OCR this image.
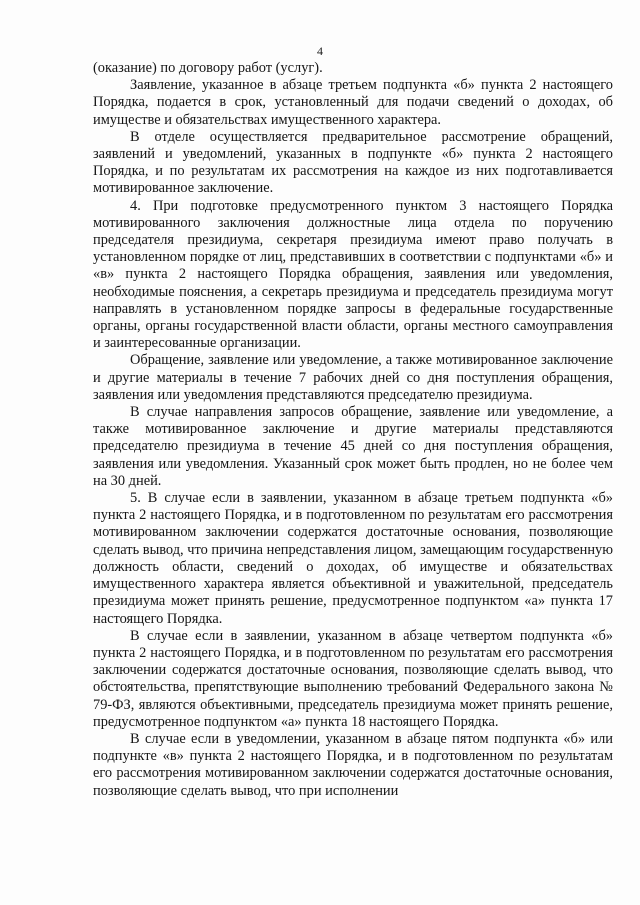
4

(оказание) по договору работ (услуг).

Заявление, указанное в абзаце третьем подпункта «б» пункта 2 настоящего Порядка, подается в срок, установленный для подачи сведений о доходах, об имуществе и обязательствах имущественного характера.

В отделе осуществляется предварительное рассмотрение обращений, заявлений и уведомлений, указанных в подпункте «б» пункта 2 настоящего Порядка, и по результатам их рассмотрения на каждое из них подготавливается мотивированное заключение.

4. При подготовке предусмотренного пунктом 3 настоящего Порядка мотивированного заключения должностные лица отдела по поручению председателя президиума, секретаря президиума имеют право получать в установленном порядке от лиц, представивших в соответствии с подпунктами «б» и «в» пункта 2 настоящего Порядка обращения, заявления или уведомления, необходимые пояснения, а секретарь президиума и председатель президиума могут направлять в установленном порядке запросы в федеральные государственные органы, органы государственной власти области, органы местного самоуправления и заинтересованные организации.

Обращение, заявление или уведомление, а также мотивированное заключение и другие материалы в течение 7 рабочих дней со дня поступления обращения, заявления или уведомления представляются председателю президиума.

В случае направления запросов обращение, заявление или уведомление, а также мотивированное заключение и другие материалы представляются председателю президиума в течение 45 дней со дня поступления обращения, заявления или уведомления. Указанный срок может быть продлен, но не более чем на 30 дней.

5. В случае если в заявлении, указанном в абзаце третьем подпункта «б» пункта 2 настоящего Порядка, и в подготовленном по результатам его рассмотрения мотивированном заключении содержатся достаточные основания, позволяющие сделать вывод, что причина непредставления лицом, замещающим государственную должность области, сведений о доходах, об имуществе и обязательствах имущественного характера является объективной и уважительной, председатель президиума может принять решение, предусмотренное подпунктом «а» пункта 17 настоящего Порядка.

В случае если в заявлении, указанном в абзаце четвертом подпункта «б» пункта 2 настоящего Порядка, и в подготовленном по результатам его рассмотрения заключении содержатся достаточные основания, позволяющие сделать вывод, что обстоятельства, препятствующие выполнению требований Федерального закона № 79-ФЗ, являются объективными, председатель президиума может принять решение, предусмотренное подпунктом «а» пункта 18 настоящего Порядка.

В случае если в уведомлении, указанном в абзаце пятом подпункта «б» или подпункте «в» пункта 2 настоящего Порядка, и в подготовленном по результатам его рассмотрения мотивированном заключении содержатся достаточные основания, позволяющие сделать вывод, что при исполнении
